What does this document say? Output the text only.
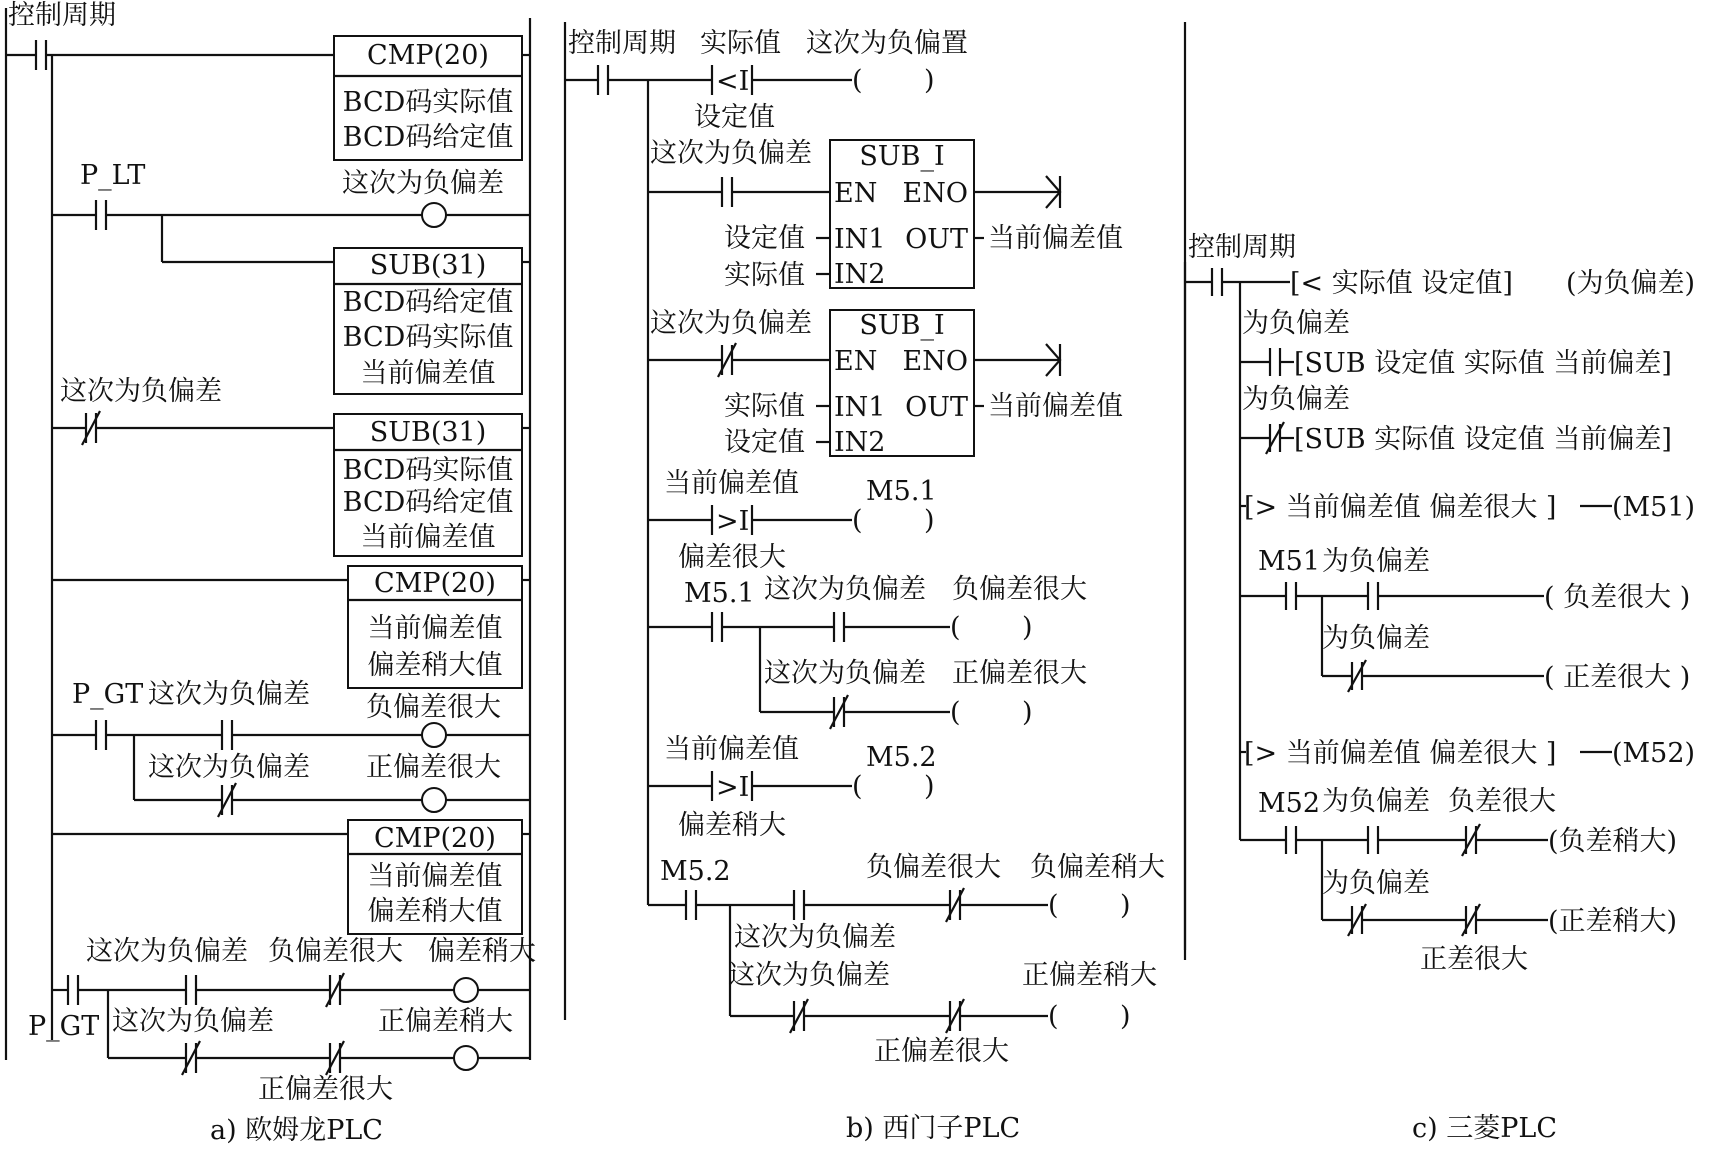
控制周期
CMP(20)
BCD码实际值
BCD码给定值
P_LT	这次为负偏差
SUB(31)
BCD码给定值
BCD码实际值
当前偏差值
这次为负偏差
SUB(31)
BCD码实际值
BCD码给定值
当前偏差值
CMP(20)
当前偏差值
偏差稍大值
P_GT 这次为负偏差 负偏差很大
这次为负偏差 正偏差很大
CMP(20)
当前偏差值
偏差稍大值
这次为负偏差 负偏差很大 偏差稍大
P_GT 这次为负偏差	正偏差稍大
正偏差很大
a) 欧姆龙PLC
控制周期 实际值 这次为负偏置
<I	( )
设定值
这次为负偏差 SUB_I
EN ENO
IN1 OUT
IN2
设定值
实际值
当前偏差值
这次为负偏差 SUB_I
EN ENO
IN1 OUT
IN2
实际值
设定值
当前偏差值
当前偏差值
>I	( )
M5.1
偏差很大
M5.1 这次为负偏差 负偏差很大
( )
这次为负偏差 正偏差很大
( )
当前偏差值
>I	( )
M5.2
偏差稍大
M5.2	负偏差很大 负偏差稍大
( )
这次为负偏差
这次为负偏差	正偏差稍大
( )
正偏差很大
b) 西门子PLC
控制周期
[< 实际值 设定值] (为负偏差)
为负偏差
[SUB 设定值 实际值 当前偏差]
为负偏差
[SUB 实际值 设定值 当前偏差]
[> 当前偏差值 偏差很大 ] (M51)
M51 为负偏差
( 负差很大 )
为负偏差
( 正差很大 )
[> 当前偏差值 偏差很大 ] (M52)
M52 为负偏差 负差很大
(负差稍大)
为负偏差
(正差稍大)
正差很大
c) 三菱PLC
